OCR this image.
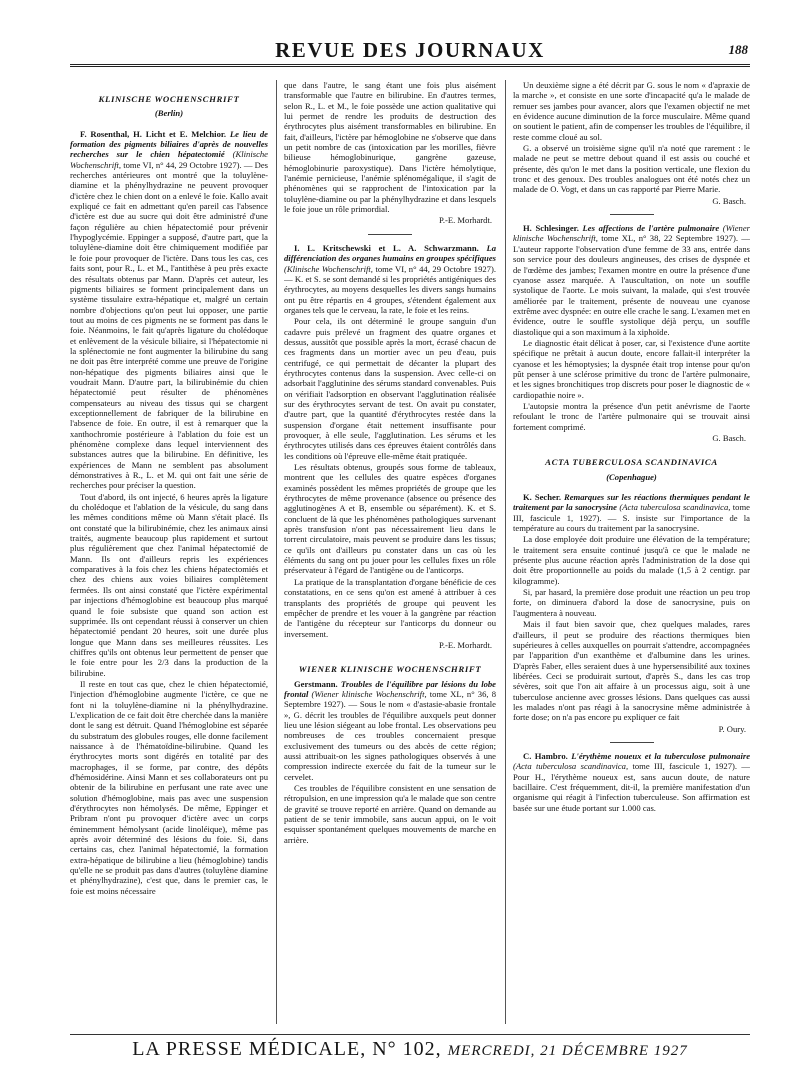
REVUE DES JOURNAUX	188
KLINISCHE WOCHENSCHRIFT
(Berlin)

F. Rosenthal, H. Licht et E. Melchior. Le lieu de formation des pigments biliaires d'après de nouvelles recherches sur le chien hépatectomié (Klinische Wochenschrift, tome VI, n° 44, 29 Octobre 1927). — Des recherches antérieures ont montré que la toluylène-diamine et la phénylhydrazine ne peuvent provoquer d'ictère chez le chien dont on a enlevé le foie. Kallo avait expliqué ce fait en admettant qu'en pareil cas l'absence d'ictère est due au sucre qui doit être administré d'une façon régulière au chien hépatectomié pour prévenir l'hypoglycémie. Eppinger a supposé, d'autre part, que la toluylène-diamine doit être chimiquement modifiée par le foie pour provoquer de l'ictère. Dans tous les cas, ces faits sont, pour R., L. et M., l'antithèse à peu près exacte des résultats obtenus par Mann. D'après cet auteur, les pigments biliaires se forment principalement dans un système tissulaire extra-hépatique et, malgré un certain nombre d'objections qu'on peut lui opposer, une partie tout au moins de ces pigments ne se forment pas dans le foie. Néanmoins, le fait qu'après ligature du cholédoque et enlèvement de la vésicule biliaire, si l'hépatectomie ni la splénectomie ne font augmenter la bilirubine du sang ne doit pas être interprété comme une preuve de l'origine non-hépatique des pigments biliaires ainsi que le voudrait Mann. D'autre part, la bilirubinémie du chien hépatectomié peut résulter de phénomènes compensateurs au niveau des tissus qui se chargent exceptionnellement de fabriquer de la bilirubine en l'absence de foie. En outre, il est à remarquer que la xanthochromie postérieure à l'ablation du foie est un phénomène complexe dans lequel interviennent des substances autres que la bilirubine. En définitive, les expériences de Mann ne semblent pas absolument démonstratives à R., L. et M. qui ont fait une série de recherches pour préciser la question.

Tout d'abord, ils ont injecté, 6 heures après la ligature du cholédoque et l'ablation de la vésicule, du sang dans les mêmes conditions même où Mann s'était placé. Ils ont constaté que la bilirubinémie, chez les animaux ainsi traités, augmente beaucoup plus rapidement et surtout plus régulièrement que chez l'animal hépatectomié de Mann. Ils ont d'ailleurs repris les expériences comparatives à la fois chez les chiens hépatectomiés et chez des chiens aux voies biliaires complètement fermées. Ils ont ainsi constaté que l'ictère expérimental par injections d'hémoglobine est beaucoup plus marqué quand le foie subsiste que quand son action est supprimée. Ils ont cependant réussi à conserver un chien hépatectomié pendant 20 heures, soit une durée plus longue que Mann dans ses meilleures réussites. Les chiffres qu'ils ont obtenus leur permettent de penser que le foie entre pour les 2/3 dans la production de la bilirubine.

Il reste en tout cas que, chez le chien hépatectomié, l'injection d'hémoglobine augmente l'ictère, ce que ne font ni la toluylène-diamine ni la phénylhydrazine. L'explication de ce fait doit être cherchée dans la manière dont le sang est détruit. Quand l'hémoglobine est séparée du substratum des globules rouges, elle donne facilement naissance à de l'hématoïdine-bilirubine. Quand les érythrocytes morts sont digérés en totalité par des macrophages, il se forme, par contre, des dépôts d'hémosidérine. Ainsi Mann et ses collaborateurs ont pu obtenir de la bilirubine en perfusant une rate avec une solution d'hémoglobine, mais pas avec une suspension d'érythrocytes non hémolysés. De même, Eppinger et Pribram n'ont pu provoquer d'ictère avec un corps éminemment hémolysant (acide linoléique), même pas après avoir déterminé des lésions du foie. Si, dans certains cas, chez l'animal hépatectomié, la formation extra-hépatique de bilirubine a lieu (hémoglobine) tandis qu'elle ne se produit pas dans d'autres (toluylène diamine et phénylhydrazine), c'est que, dans le premier cas, le foie est moins nécessaire

que dans l'autre, le sang étant une fois plus aisément transformable que l'autre en bilirubine. En d'autres termes, selon R., L. et M., le foie possède une action qualitative qui lui permet de rendre les produits de destruction des érythrocytes plus aisément transformables en bilirubine. En fait, d'ailleurs, l'ictère par hémoglobine ne s'observe que dans un petit nombre de cas (intoxication par les morilles, fièvre bilieuse hémoglobinurique, gangrène gazeuse, hémoglobinurie paroxystique). Dans l'ictère hémolytique, l'anémie pernicieuse, l'anémie splénomégalique, il s'agit de phénomènes qui se rapprochent de l'intoxication par la toluylène-diamine ou par la phénylhydrazine et dans lesquels le foie joue un rôle primordial.

P.-E. Morhardt.

I. L. Kritschewski et L. A. Schwarzmann. La différenciation des organes humains en groupes spécifiques (Klinische Wochenschrift, tome VI, n° 44, 29 Octobre 1927). — K. et S. se sont demandé si les propriétés antigéniques des érythrocytes, au moyens desquelles les divers sangs humains ont pu être répartis en 4 groupes, s'étendent également aux organes tels que le cerveau, la rate, le foie et les reins.

Pour cela, ils ont déterminé le groupe sanguin d'un cadavre puis prélevé un fragment des quatre organes et dessus, aussitôt que possible après la mort, écrasé chacun de ces fragments dans un mortier avec un peu d'eau, puis centrifugé, ce qui permettait de décanter la plupart des érythrocytes contenus dans la suspension. Avec celle-ci on adsorbait l'agglutinine des sérums standard convenables. Puis on vérifiait l'adsorption en observant l'agglutination réalisée sur des érythrocytes servant de test. On avait pu constater, d'autre part, que la quantité d'érythrocytes restée dans la suspension d'organe était nettement insuffisante pour provoquer, à elle seule, l'agglutination. Les sérums et les érythrocytes utilisés dans ces épreuves étaient contrôlés dans les conditions où l'épreuve elle-même était pratiquée.

Les résultats obtenus, groupés sous forme de tableaux, montrent que les cellules des quatre espèces d'organes examinés possèdent les mêmes propriétés de groupe que les érythrocytes de même provenance (absence ou présence des agglutinogènes A et B, ensemble ou séparément). K. et S. concluent de là que les phénomènes pathologiques survenant après transfusion n'ont pas nécessairement lieu dans le torrent circulatoire, mais peuvent se produire dans les tissus; ce qu'ils ont d'ailleurs pu constater dans un cas où les éléments du sang ont pu jouer pour les cellules fixes un rôle préservateur à l'égard de l'antigène ou de l'anticorps.

La pratique de la transplantation d'organe bénéficie de ces constatations, en ce sens qu'on est amené à attribuer à ces transplants des propriétés de groupe qui peuvent les empêcher de prendre et les vouer à la gangrène par réaction de l'antigène du récepteur sur l'anticorps du donneur ou inversement.

P.-E. Morhardt.

WIENER KLINISCHE WOCHENSCHRIFT

Gerstmann. Troubles de l'équilibre par lésions du lobe frontal (Wiener klinische Wochenschrift, tome XL, n° 36, 8 Septembre 1927). — Sous le nom « d'astasie-abasie frontale », G. décrit les troubles de l'équilibre auxquels peut donner lieu une lésion siégeant au lobe frontal. Les observations peu nombreuses de ces troubles concernaient presque exclusivement des tumeurs ou des abcès de cette région; aussi attribuait-on les signes pathologiques observés à une compression indirecte exercée du fait de la tumeur sur le cervelet.

Ces troubles de l'équilibre consistent en une sensation de rétropulsion, en une impression qu'a le malade que son centre de gravité se trouve reporté en arrière. Quand on demande au patient de se tenir immobile, sans aucun appui, on le voit esquisser spontanément quelques mouvements de marche en arrière.

Un deuxième signe a été décrit par G. sous le nom « d'apraxie de la marche », et consiste en une sorte d'incapacité qu'a le malade de remuer ses jambes pour avancer, alors que l'examen objectif ne met en évidence aucune diminution de la force musculaire. Même quand on soutient le patient, afin de compenser les troubles de l'équilibre, il reste comme cloué au sol.

G. a observé un troisième signe qu'il n'a noté que rarement : le malade ne peut se mettre debout quand il est assis ou couché et présente, dès qu'on le met dans la position verticale, une flexion du tronc et des genoux. Des troubles analogues ont été notés chez un malade de O. Vogt, et dans un cas rapporté par Pierre Marie.

G. Basch.

H. Schlesinger. Les affections de l'artère pulmonaire (Wiener klinische Wochenschrift, tome XL, n° 38, 22 Septembre 1927). — L'auteur rapporte l'observation d'une femme de 33 ans, entrée dans son service pour des douleurs angineuses, des crises de dyspnée et de l'œdème des jambes; l'examen montre en outre la présence d'une cyanose assez marquée. A l'auscultation, on note un souffle systolique de l'aorte. Le mois suivant, la malade, qui s'est trouvée améliorée par le traitement, présente de nouveau une cyanose extrême avec dyspnée: en outre elle crache le sang. L'examen met en évidence, outre le souffle systolique déjà perçu, un souffle diastolique qui a son maximum à la xiphoïde.

Le diagnostic était délicat à poser, car, si l'existence d'une aortite spécifique ne prêtait à aucun doute, encore fallait-il interpréter la cyanose et les hémoptysies; la dyspnée était trop intense pour qu'on pût penser à une sclérose primitive du tronc de l'artère pulmonaire, et les signes bronchitiques trop discrets pour poser le diagnostic de « cardiopathie noire ».

L'autopsie montra la présence d'un petit anévrisme de l'aorte refoulant le tronc de l'artère pulmonaire qui se trouvait ainsi fortement comprimé.

G. Basch.

ACTA TUBERCULOSA SCANDINAVICA
(Copenhague)

K. Secher. Remarques sur les réactions thermiques pendant le traitement par la sanocrysine (Acta tuberculosa scandinavica, tome III, fascicule 1, 1927). — S. insiste sur l'importance de la température au cours du traitement par la sanocrysine.

La dose employée doit produire une élévation de la température; le traitement sera ensuite continué jusqu'à ce que le malade ne présente plus aucune réaction après l'administration de la dose qui doit être proportionnelle au poids du malade (1,5 à 2 centigr. par kilogramme).

Si, par hasard, la première dose produit une réaction un peu trop forte, on diminuera d'abord la dose de sanocrysine, puis on l'augmentera à nouveau.

Mais il faut bien savoir que, chez quelques malades, rares d'ailleurs, il peut se produire des réactions thermiques bien supérieures à celles auxquelles on pourrait s'attendre, accompagnées par l'apparition d'un exanthème et d'albumine dans les urines. D'après Faber, elles seraient dues à une hypersensibilité aux toxines libérées. Ceci se produirait surtout, d'après S., dans les cas trop sévères, soit que l'on ait affaire à un processus aigu, soit à une tuberculose ancienne avec grosses lésions. Dans quelques cas aussi les malades n'ont pas réagi à la sanocrysine même administrée à forte dose; on n'a pas encore pu expliquer ce fait

P. Oury.

C. Hambro. L'érythème noueux et la tuberculose pulmonaire (Acta tuberculosa scandinavica, tome III, fascicule 1, 1927). — Pour H., l'érythème noueux est, sans aucun doute, de nature bacillaire. C'est fréquemment, dit-il, la première manifestation d'un organisme qui réagit à l'infection tuberculeuse. Son affirmation est basée sur une étude portant sur 1.000 cas.

LA PRESSE MÉDICALE, N° 102, MERCREDI, 21 DÉCEMBRE 1927
